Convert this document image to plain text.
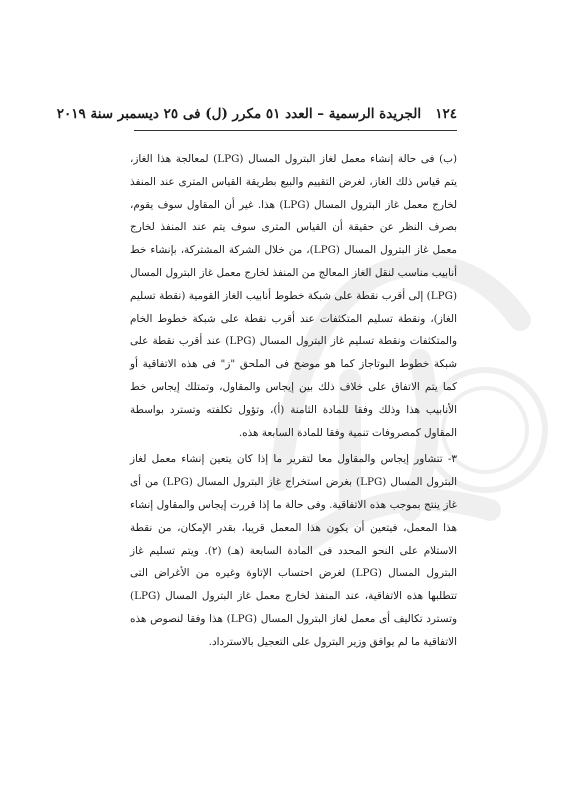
١٢٤   الجريدة الرسمية – العدد ٥١ مكرر (ل) فى ٢٥ ديسمبر سنة ٢٠١٩

(ب) فى حالة إنشاء معمل لغاز البترول المسال (LPG) لمعالجة هذا الغاز، يتم قياس ذلك الغاز، لغرض التقييم والبيع بطريقة القياس المترى عند المنفذ لخارج معمل غاز البترول المسال (LPG) هذا. غير أن المقاول سوف يقوم، بصرف النظر عن حقيقة أن القياس المترى سوف يتم عند المنفذ لخارج معمل غاز البترول المسال (LPG)، من خلال الشركة المشتركة، بإنشاء خط أنابيب مناسب لنقل الغاز المعالج من المنفذ لخارج معمل غاز البترول المسال (LPG) إلى أقرب نقطة على شبكة خطوط أنابيب الغاز القومية (نقطة تسليم الغاز)، ونقطة تسليم المتكثفات عند أقرب نقطة على شبكة خطوط الخام والمتكثفات ونقطة تسليم غاز البترول المسال (LPG) عند أقرب نقطة على شبكة خطوط البوتاجاز كما هو موضح فى الملحق "ز" فى هذه الاتفاقية أو كما يتم الاتفاق على خلاف ذلك بين إيجاس والمقاول، وتمتلك إيجاس خط الأنابيب هذا وذلك وفقا للمادة الثامنة (أ)، وتؤول تكلفته وتسترد بواسطة المقاول كمصروفات تنمية وفقا للمادة السابعة هذه.

٣- تتشاور إيجاس والمقاول معا لتقرير ما إذا كان يتعين إنشاء معمل لغاز البترول المسال (LPG) بغرض استخراج غاز البترول المسال (LPG) من أى غاز ينتج بموجب هذه الاتفاقية. وفى حالة ما إذا قررت إيجاس والمقاول إنشاء هذا المعمل، فيتعين أن يكون هذا المعمل قريبا، بقدر الإمكان، من نقطة الاستلام على النحو المحدد فى المادة السابعة (هـ) (٢). ويتم تسليم غاز البترول المسال (LPG) لغرض احتساب الإتاوة وغيره من الأغراض التى تتطلبها هذه الاتفاقية، عند المنفذ لخارج معمل غاز البترول المسال (LPG) وتسترد تكاليف أى معمل لغاز البترول المسال (LPG) هذا وفقا لنصوص هذه الاتفاقية ما لم يوافق وزير البترول على التعجيل بالاسترداد.
